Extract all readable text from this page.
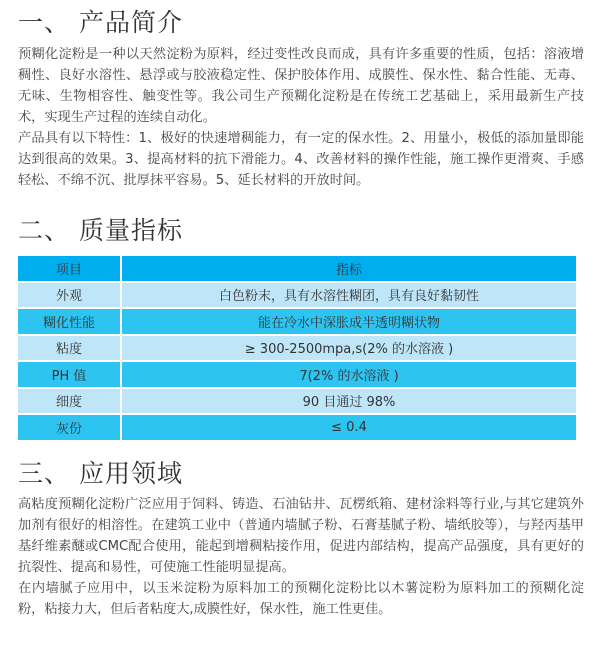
一、 产品简介

预糊化淀粉是一种以天然淀粉为原料，经过变性改良而成，具有许多重要的性质，包括：溶液增稠性、良好水溶性、悬浮或与胶液稳定性、保护胶体作用、成膜性、保水性、黏合性能、无毒、无味、生物相容性、触变性等。我公司生产预糊化淀粉是在传统工艺基础上，采用最新生产技术，实现生产过程的连续自动化。

产品具有以下特性：1、极好的快速增稠能力，有一定的保水性。2、用量小，极低的添加量即能达到很高的效果。3、提高材料的抗下滑能力。4、改善材料的操作性能，施工操作更滑爽、手感轻松、不绵不沉、批厚抹平容易。5、延长材料的开放时间。

二、 质量指标
项目	指标
外观	白色粉末，具有水溶性糊团，具有良好黏韧性
糊化性能	能在冷水中深胀成半透明糊状物
粘度	≥ 300-2500mpa,s(2% 的水溶液 )
PH 值	7(2% 的水溶液 )
细度	90 目通过 98%
灰份	≤ 0.4
三、 应用领域

高粘度预糊化淀粉广泛应用于饲料、铸造、石油钻井、瓦楞纸箱、建材涂料等行业,与其它建筑外加剂有很好的相溶性。在建筑工业中（普通内墙腻子粉、石膏基腻子粉、墙纸胶等），与羟丙基甲基纤维素醚或CMC配合使用，能起到增稠粘接作用，促进内部结构，提高产品强度，具有更好的抗裂性、提高和易性，可使施工性能明显提高。

在内墙腻子应用中，以玉米淀粉为原料加工的预糊化淀粉比以木薯淀粉为原料加工的预糊化淀粉，粘接力大，但后者粘度大,成膜性好，保水性，施工性更佳。
